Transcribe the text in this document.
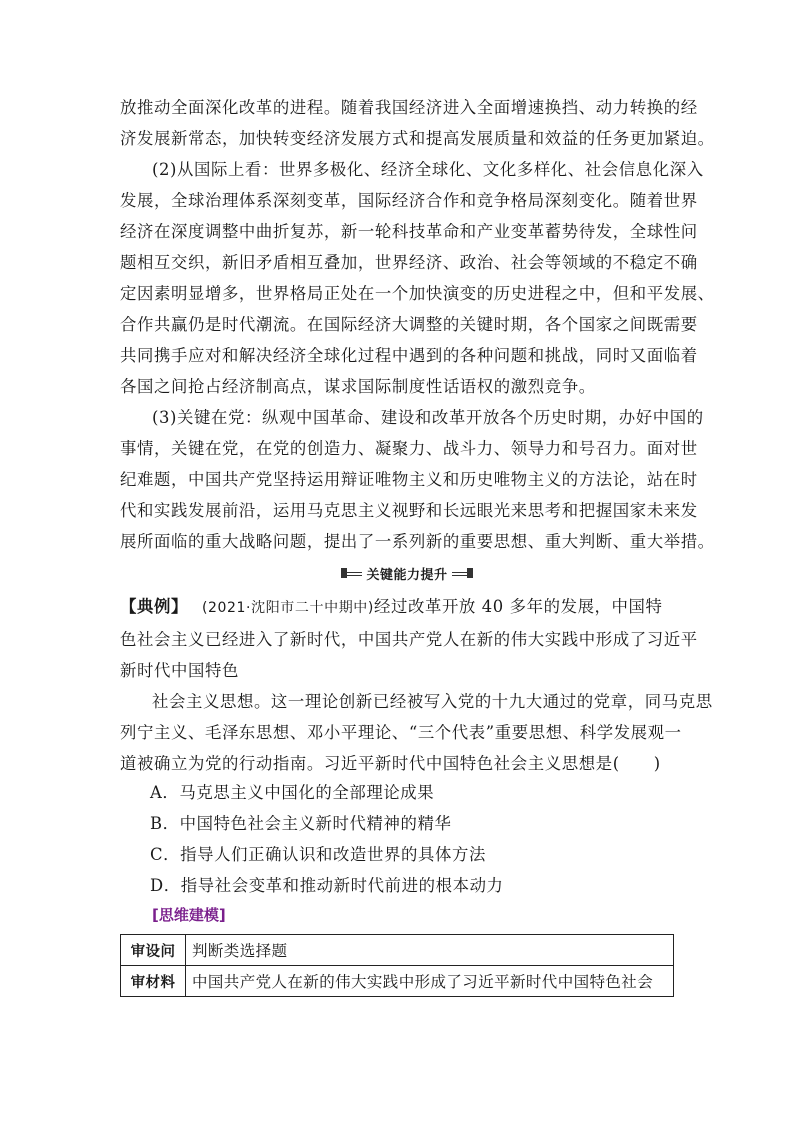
放推动全面深化改革的进程。随着我国经济进入全面增速换挡、动力转换的经
济发展新常态，加快转变经济发展方式和提高发展质量和效益的任务更加紧迫。
(2)从国际上看：世界多极化、经济全球化、文化多样化、社会信息化深入
发展，全球治理体系深刻变革，国际经济合作和竞争格局深刻变化。随着世界
经济在深度调整中曲折复苏，新一轮科技革命和产业变革蓄势待发，全球性问
题相互交织，新旧矛盾相互叠加，世界经济、政治、社会等领域的不稳定不确
定因素明显增多，世界格局正处在一个加快演变的历史进程之中，但和平发展、
合作共赢仍是时代潮流。在国际经济大调整的关键时期，各个国家之间既需要
共同携手应对和解决经济全球化过程中遇到的各种问题和挑战，同时又面临着
各国之间抢占经济制高点，谋求国际制度性话语权的激烈竞争。
(3)关键在党：纵观中国革命、建设和改革开放各个历史时期，办好中国的
事情，关键在党，在党的创造力、凝聚力、战斗力、领导力和号召力。面对世
纪难题，中国共产党坚持运用辩证唯物主义和历史唯物主义的方法论，站在时
代和实践发展前沿，运用马克思主义视野和长远眼光来思考和把握国家未来发
展所面临的重大战略问题，提出了一系列新的重要思想、重大判断、重大举措。
关键能力提升
【典例】 (2021·沈阳市二十中期中)经过改革开放 40 多年的发展，中国特
色社会主义已经进入了新时代，中国共产党人在新的伟大实践中形成了习近平
新时代中国特色
社会主义思想。这一理论创新已经被写入党的十九大通过的党章，同马克思
列宁主义、毛泽东思想、邓小平理论、“三个代表”重要思想、科学发展观一
道被确立为党的行动指南。习近平新时代中国特色社会主义思想是(　　)
A．马克思主义中国化的全部理论成果
B．中国特色社会主义新时代精神的精华
C．指导人们正确认识和改造世界的具体方法
D．指导社会变革和推动新时代前进的根本动力
[思维建模]
审设问	判断类选择题
审材料	中国共产党人在新的伟大实践中形成了习近平新时代中国特色社会
